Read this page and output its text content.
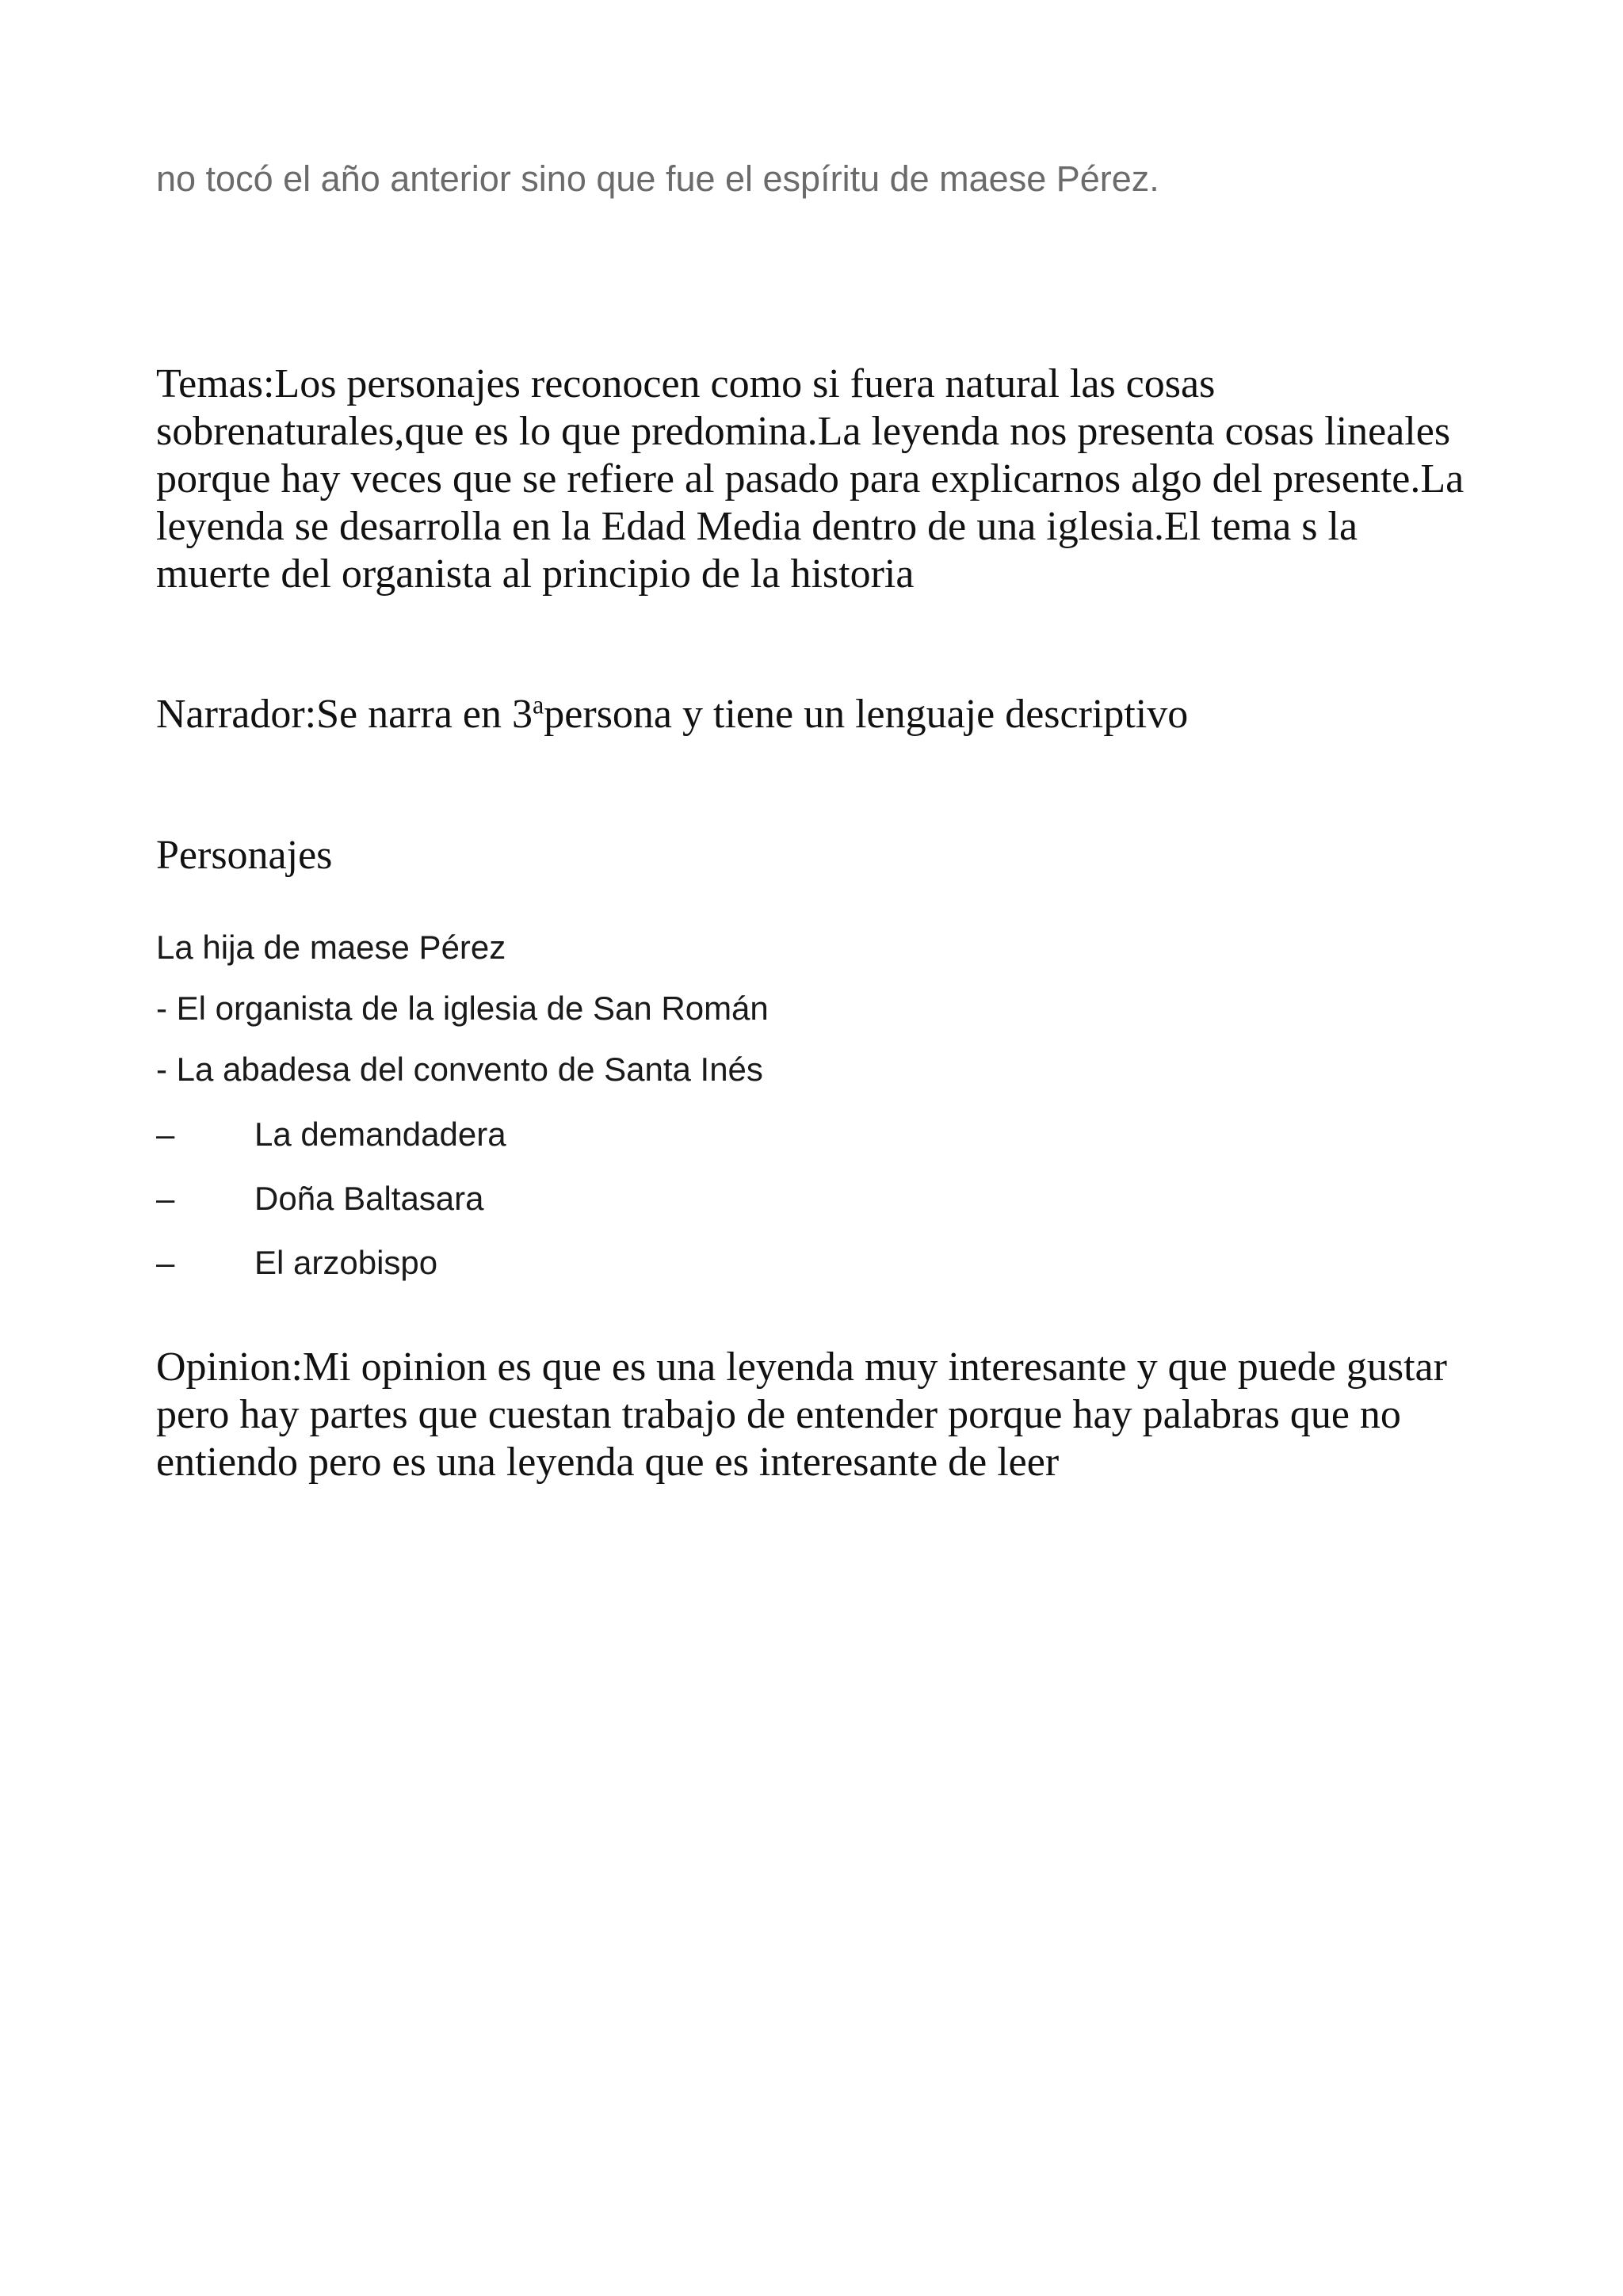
no tocó el año anterior sino que fue el espíritu de maese Pérez.
Temas:Los personajes reconocen como si fuera natural las cosas
sobrenaturales,que es lo que predomina.La leyenda nos presenta cosas lineales
porque hay veces que se refiere al pasado para explicarnos algo del presente.La
leyenda se desarrolla en la Edad Media dentro de una iglesia.El tema s la
muerte del organista al principio de la historia
Narrador:Se narra en 3$^a$persona y tiene un lenguaje descriptivo
Personajes
La hija de maese Pérez
- El organista de la iglesia de San Román
- La abadesa del convento de Santa Inés
– La demandadera
– Doña Baltasara
– El arzobispo
Opinion:Mi opinion es que es una leyenda muy interesante y que puede gustar
pero hay partes que cuestan trabajo de entender porque hay palabras que no
entiendo pero es una leyenda que es interesante de leer
